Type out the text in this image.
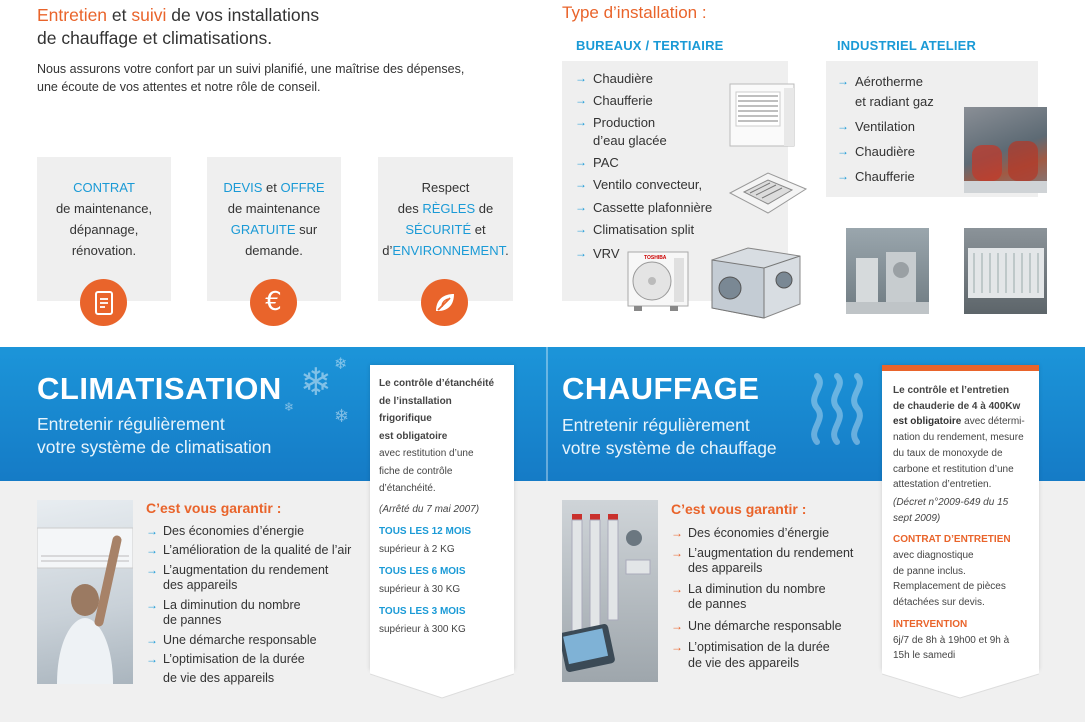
Entretien et suivi de vos installations
de chauffage et climatisations.
Nous assurons votre confort par un suivi planifié, une maîtrise des dépenses,
une écoute de vos attentes et notre rôle de conseil.
CONTRAT
de maintenance,
dépannage,
rénovation.
DEVIS et OFFRE
de maintenance
GRATUITE sur
demande.
€
Respect
des RÈGLES de
SÉCURITÉ et
d’ENVIRONNEMENT.
Type d’installation :
BUREAUX / TERTIAIRE	INDUSTRIEL ATELIER
→ Chaudière
→ Chaufferie
→ Production
d’eau glacée
→ PAC
→ Ventilo convecteur,
→ Cassette plafonnière
→ Climatisation split
→ VRV	TOSHIBA
→ Aérotherme
et radiant gaz
→ Ventilation
→ Chaudière
→ Chaufferie
❄ ❄
❄
❄
CLIMATISATION
Entretenir régulièrement
votre système de climatisation
Le contrôle d’étanchéité
de l’installation
frigorifique
est obligatoire
avec restitution d’une
fiche de contrôle
d’étanchéité.
(Arrêté du 7 mai 2007)
TOUS LES 12 MOIS
supérieur à 2 KG
TOUS LES 6 MOIS
supérieur à 30 KG
TOUS LES 3 MOIS
supérieur à 300 KG
C’est vous garantir :
→ Des économies d’énergie
→ L’amélioration de la qualité de l’air
→ L’augmentation du rendement
des appareils
→ La diminution du nombre
de pannes
→ Une démarche responsable
→ L’optimisation de la durée
de vie des appareils
CHAUFFAGE
Entretenir régulièrement
votre système de chauffage
Le contrôle et l’entretien
de chauderie de 4 à 400Kw
est obligatoire avec détermi-
nation du rendement, mesure
du taux de monoxyde de
carbone et restitution d’une
attestation d’entretien.
(Décret n°2009-649 du 15
sept 2009)
CONTRAT D’ENTRETIEN
avec diagnostique
de panne inclus.
Remplacement de pièces
détachées sur devis.
INTERVENTION
6j/7 de 8h à 19h00 et 9h à
15h le samedi
C’est vous garantir :
→ Des économies d’énergie
→ L’augmentation du rendement
des appareils
→ La diminution du nombre
de pannes
→ Une démarche responsable
→ L’optimisation de la durée
de vie des appareils
